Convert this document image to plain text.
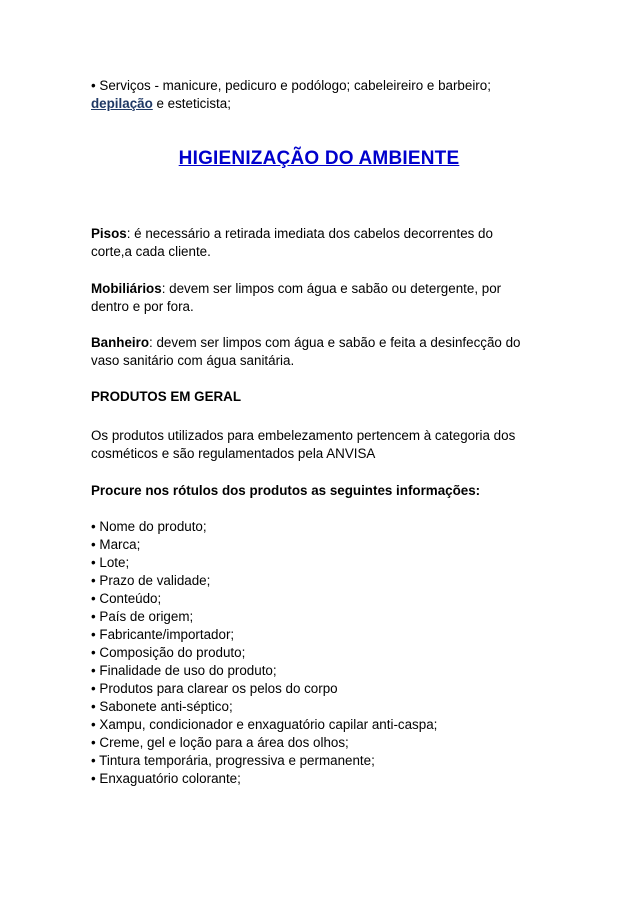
• Serviços - manicure, pedicuro e podólogo; cabeleireiro e barbeiro;
depilação e esteticista;
HIGIENIZAÇÃO DO AMBIENTE
Pisos: é necessário a retirada imediata dos cabelos decorrentes do
corte,a cada cliente.
Mobiliários: devem ser limpos com água e sabão ou detergente, por
dentro e por fora.
Banheiro: devem ser limpos com água e sabão e feita a desinfecção do
vaso sanitário com água sanitária.
PRODUTOS EM GERAL
Os produtos utilizados para embelezamento pertencem à categoria dos
cosméticos e são regulamentados pela ANVISA
Procure nos rótulos dos produtos as seguintes informações:
• Nome do produto;
• Marca;
• Lote;
• Prazo de validade;
• Conteúdo;
• País de origem;
• Fabricante/importador;
• Composição do produto;
• Finalidade de uso do produto;
• Produtos para clarear os pelos do corpo
• Sabonete anti-séptico;
• Xampu, condicionador e enxaguatório capilar anti-caspa;
• Creme, gel e loção para a área dos olhos;
• Tintura temporária, progressiva e permanente;
• Enxaguatório colorante;
